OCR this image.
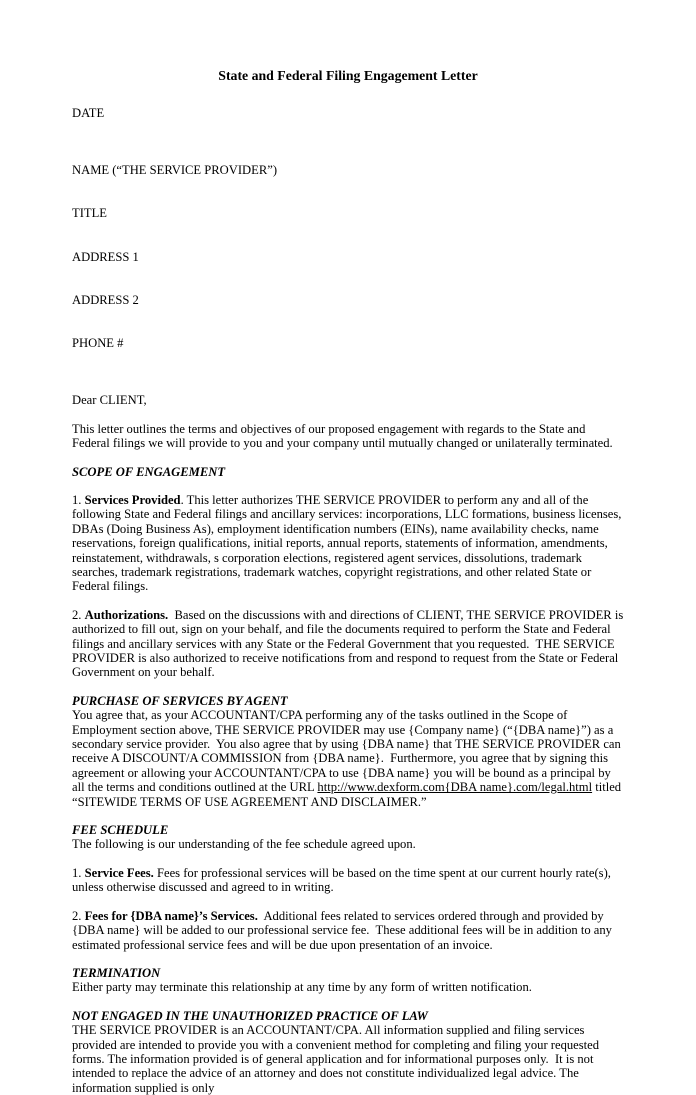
State and Federal Filing Engagement Letter

DATE

NAME (“THE SERVICE PROVIDER”)

TITLE

ADDRESS 1

ADDRESS 2

PHONE #

Dear CLIENT,

This letter outlines the terms and objectives of our proposed engagement with regards to the State and Federal filings we will provide to you and your company until mutually changed or unilaterally terminated.

SCOPE OF ENGAGEMENT

1. Services Provided. This letter authorizes THE SERVICE PROVIDER to perform any and all of the following State and Federal filings and ancillary services: incorporations, LLC formations, business licenses, DBAs (Doing Business As), employment identification numbers (EINs), name availability checks, name reservations, foreign qualifications, initial reports, annual reports, statements of information, amendments, reinstatement, withdrawals, s corporation elections, registered agent services, dissolutions, trademark searches, trademark registrations, trademark watches, copyright registrations, and other related State or Federal filings.

2. Authorizations.  Based on the discussions with and directions of CLIENT, THE SERVICE PROVIDER is authorized to fill out, sign on your behalf, and file the documents required to perform the State and Federal filings and ancillary services with any State or the Federal Government that you requested.  THE SERVICE PROVIDER is also authorized to receive notifications from and respond to request from the State or Federal Government on your behalf.

PURCHASE OF SERVICES BY AGENT

You agree that, as your ACCOUNTANT/CPA performing any of the tasks outlined in the Scope of Employment section above, THE SERVICE PROVIDER may use {Company name} (“{DBA name}”) as a secondary service provider.  You also agree that by using {DBA name} that THE SERVICE PROVIDER can receive A DISCOUNT/A COMMISSION from {DBA name}.  Furthermore, you agree that by signing this agreement or allowing your ACCOUNTANT/CPA to use {DBA name} you will be bound as a principal by all the terms and conditions outlined at the URL http://www.dexform.com{DBA name}.com/legal.html titled “SITEWIDE TERMS OF USE AGREEMENT AND DISCLAIMER.”

FEE SCHEDULE

The following is our understanding of the fee schedule agreed upon.

1. Service Fees. Fees for professional services will be based on the time spent at our current hourly rate(s), unless otherwise discussed and agreed to in writing.

2. Fees for {DBA name}’s Services.  Additional fees related to services ordered through and provided by {DBA name} will be added to our professional service fee.  These additional fees will be in addition to any estimated professional service fees and will be due upon presentation of an invoice.

TERMINATION

Either party may terminate this relationship at any time by any form of written notification.

NOT ENGAGED IN THE UNAUTHORIZED PRACTICE OF LAW

THE SERVICE PROVIDER is an ACCOUNTANT/CPA. All information supplied and filing services provided are intended to provide you with a convenient method for completing and filing your requested forms. The information provided is of general application and for informational purposes only.  It is not intended to replace the advice of an attorney and does not constitute individualized legal advice. The information supplied is only
